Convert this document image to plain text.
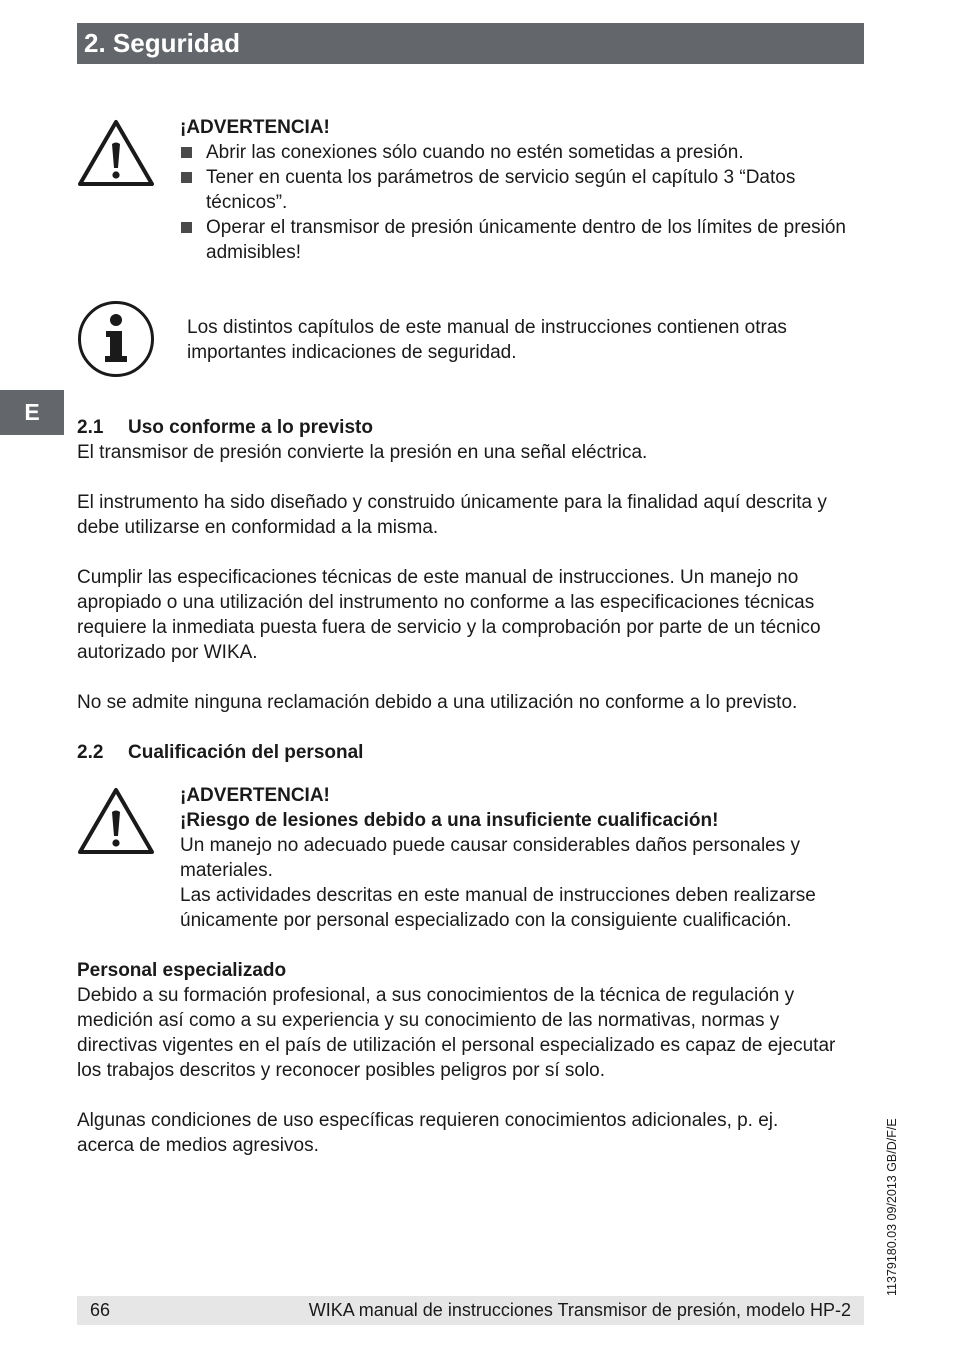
2. Seguridad
E
¡ADVERTENCIA!
Abrir las conexiones sólo cuando no estén sometidas a presión.
Tener en cuenta los parámetros de servicio según el capítulo 3 “Datos técnicos”.
Operar el transmisor de presión únicamente dentro de los límites de presión admisibles!
Los distintos capítulos de este manual de instrucciones contienen otras importantes indicaciones de seguridad.
2.1 Uso conforme a lo previsto

El transmisor de presión convierte la presión en una señal eléctrica.

El instrumento ha sido diseñado y construido únicamente para la finalidad aquí descrita y debe utilizarse en conformidad a la misma.

Cumplir las especificaciones técnicas de este manual de instrucciones. Un manejo no apropiado o una utilización del instrumento no conforme a las especificaciones técnicas requiere la inmediata puesta fuera de servicio y la comprobación por parte de un técnico autorizado por WIKA.

No se admite ninguna reclamación debido a una utilización no conforme a lo previsto.

2.2 Cualificación del personal
¡ADVERTENCIA!
¡Riesgo de lesiones debido a una insuficiente cualificación!

Un manejo no adecuado puede causar considerables daños personales y materiales.

Las actividades descritas en este manual de instrucciones deben realizarse únicamente por personal especializado con la consiguiente cualificación.

Personal especializado

Debido a su formación profesional, a sus conocimientos de la técnica de regulación y medición así como a su experiencia y su conocimiento de las normativas, normas y directivas vigentes en el país de utilización el personal especializado es capaz de ejecutar los trabajos descritos y reconocer posibles peligros por sí solo.

Algunas condiciones de uso específicas requieren conocimientos adicionales, p. ej. acerca de medios agresivos.	11379180.03 09/2013 GB/D/F/E
66	WIKA manual de instrucciones Transmisor de presión, modelo HP-2
